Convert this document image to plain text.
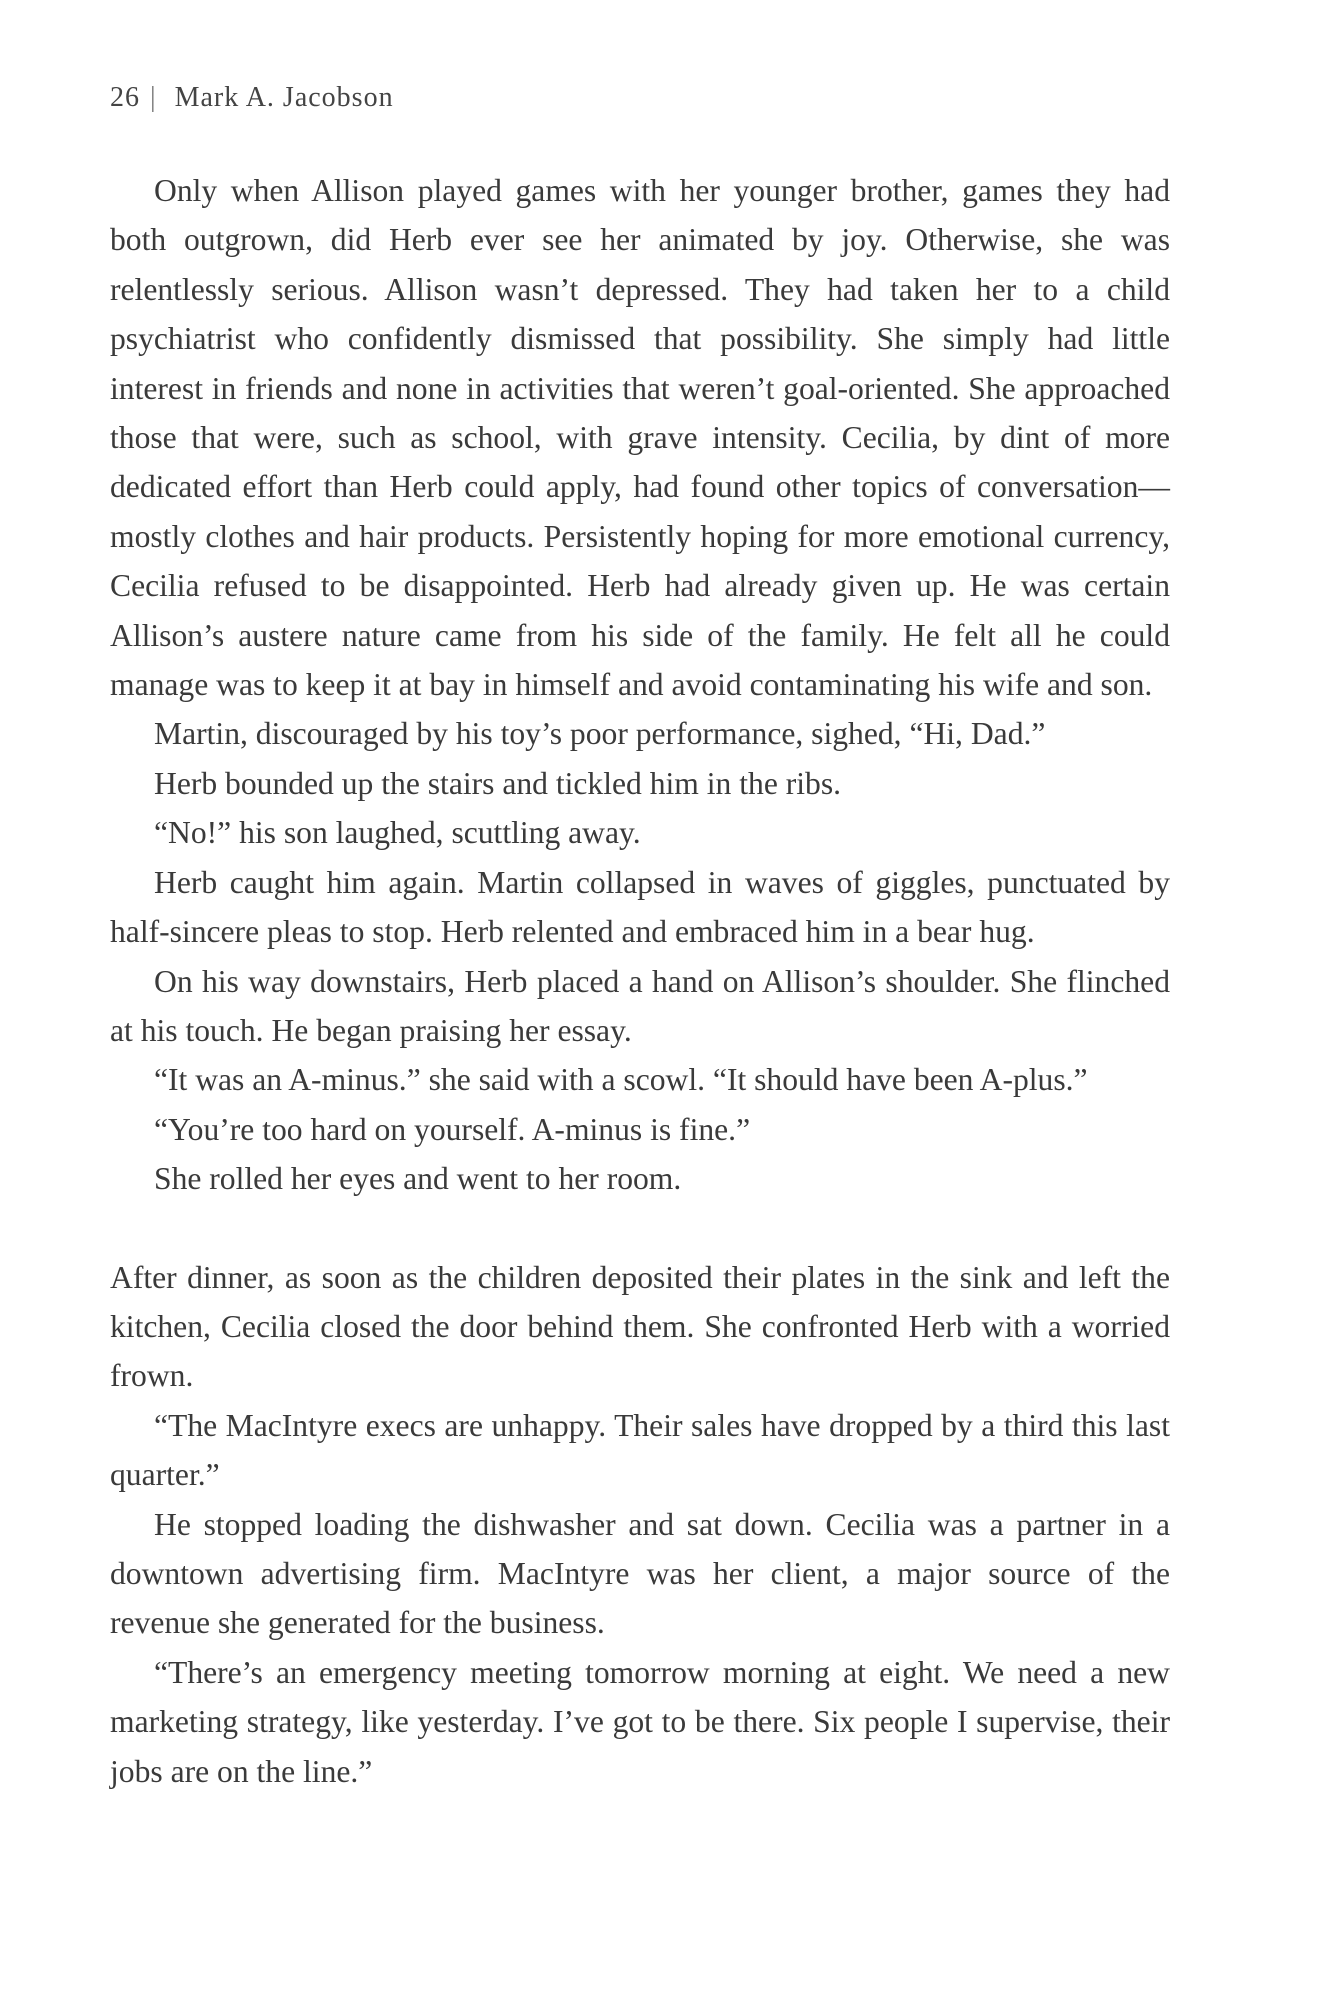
26 | Mark A. Jacobson

Only when Allison played games with her younger brother, games they had both outgrown, did Herb ever see her animated by joy. Otherwise, she was relentlessly serious. Allison wasn’t depressed. They had taken her to a child psychiatrist who confidently dismissed that possibility. She simply had little interest in friends and none in activities that weren’t goal-oriented. She approached those that were, such as school, with grave intensity. Cecilia, by dint of more dedicated effort than Herb could apply, had found other topics of conversation—mostly clothes and hair products. Persistently hoping for more emotional currency, Cecilia refused to be disappointed. Herb had already given up. He was certain Allison’s austere nature came from his side of the family. He felt all he could manage was to keep it at bay in himself and avoid contaminating his wife and son.

Martin, discouraged by his toy’s poor performance, sighed, “Hi, Dad.”

Herb bounded up the stairs and tickled him in the ribs.

“No!” his son laughed, scuttling away.

Herb caught him again. Martin collapsed in waves of giggles, punctuated by half-sincere pleas to stop. Herb relented and embraced him in a bear hug.

On his way downstairs, Herb placed a hand on Allison’s shoulder. She flinched at his touch. He began praising her essay.

“It was an A-minus.” she said with a scowl. “It should have been A-plus.”

“You’re too hard on yourself. A-minus is fine.”

She rolled her eyes and went to her room.

After dinner, as soon as the children deposited their plates in the sink and left the kitchen, Cecilia closed the door behind them. She confronted Herb with a worried frown.

“The MacIntyre execs are unhappy. Their sales have dropped by a third this last quarter.”

He stopped loading the dishwasher and sat down. Cecilia was a partner in a downtown advertising firm. MacIntyre was her client, a major source of the revenue she generated for the business.

“There’s an emergency meeting tomorrow morning at eight. We need a new marketing strategy, like yesterday. I’ve got to be there. Six people I supervise, their jobs are on the line.”
